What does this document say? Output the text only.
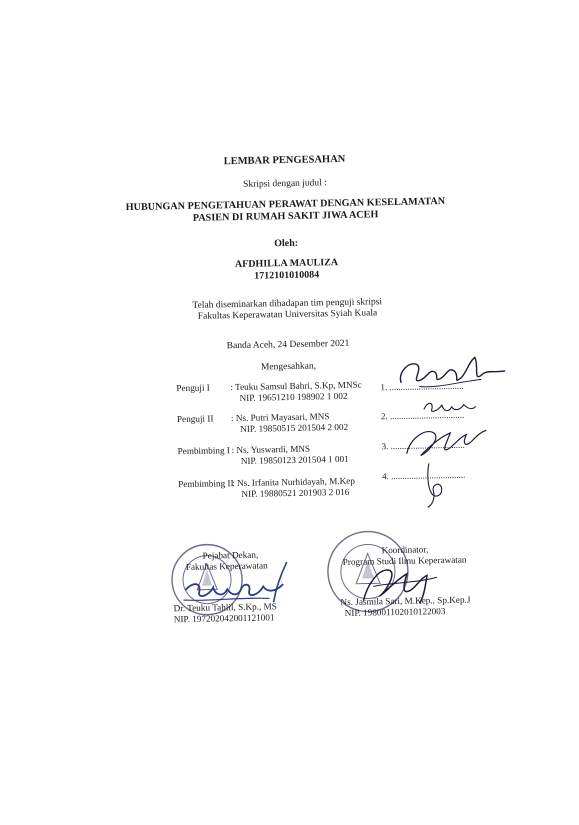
LEMBAR PENGESAHAN
Skripsi dengan judul :
HUBUNGAN PENGETAHUAN PERAWAT DENGAN KESELAMATAN
PASIEN DI RUMAH SAKIT JIWA ACEH
Oleh:
AFDHILLA MAULIZA
1712101010084
Telah diseminarkan dihadapan tim penguji skripsi
Fakultas Keperawatan Universitas Syiah Kuala
Banda Aceh, 24 Desember 2021
Mengesahkan,
Penguji I : Teuku Samsul Bahri, S.Kp, MNSc
NIP. 19651210 198902 1 002
1. .................................
Penguji II : Ns. Putri Mayasari, MNS
NIP. 19850515 201504 2 002
2. .................................
Pembimbing I : Ns. Yuswardi, MNS
NIP. 19850123 201504 1 001
3. .................................
Pembimbing II
: Ns. Irfanita Nurhidayah, M.Kep
NIP. 19880521 201903 2 016
4. .................................
Pejabat Dekan,
Fakultas Keperawatan
Dr. Teuku Tahlil, S.Kp., MS
NIP. 197202042001121001
Koordinator,
Program Studi Ilmu Keperawatan
Ns. Jasmila Sari, M.Kep., Sp.Kep.J
NIP. 198001102010122003
